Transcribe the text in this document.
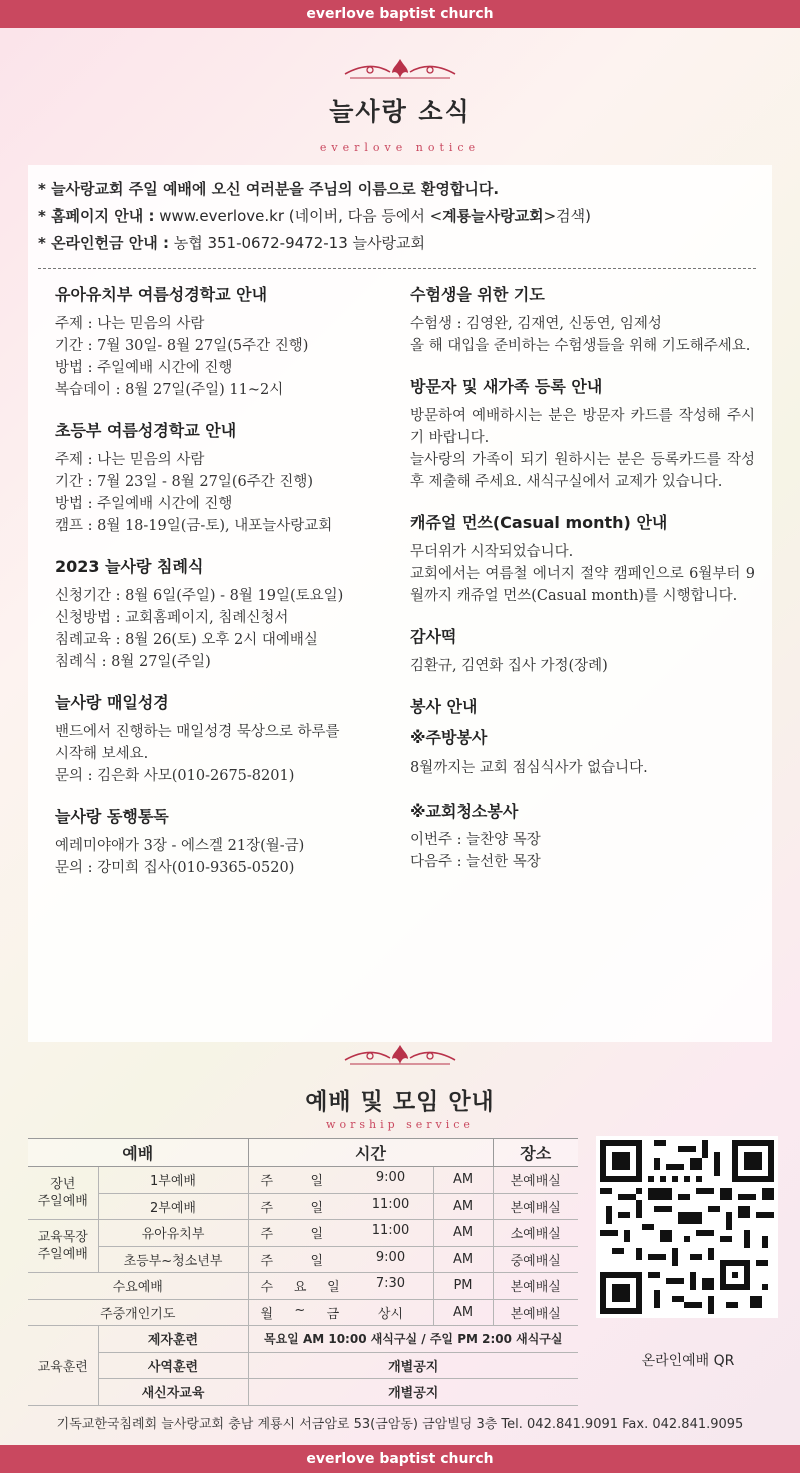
everlove baptist church
늘사랑 소식
everlove notice
* 늘사랑교회 주일 예배에 오신 여러분을 주님의 이름으로 환영합니다.
* 홈페이지 안내 : www.everlove.kr (네이버, 다음 등에서 <계룡늘사랑교회>검색)
* 온라인헌금 안내 : 농협 351-0672-9472-13 늘사랑교회
유아유치부 여름성경학교 안내

주제 : 나는 믿음의 사람

기간 : 7월 30일- 8월 27일(5주간 진행)

방법 : 주일예배 시간에 진행

복습데이 : 8월 27일(주일) 11~2시

초등부 여름성경학교 안내

주제 : 나는 믿음의 사람

기간 : 7월 23일 - 8월 27일(6주간 진행)

방법 : 주일예배 시간에 진행

캠프 : 8월 18-19일(금-토), 내포늘사랑교회

2023 늘사랑 침례식

신청기간 : 8월 6일(주일) - 8월 19일(토요일)

신청방법 : 교회홈페이지, 침례신청서

침례교육 : 8월 26(토) 오후 2시 대예배실

침례식 : 8월 27일(주일)

늘사랑 매일성경

밴드에서 진행하는 매일성경 묵상으로 하루를

시작해 보세요.

문의 : 김은화 사모(010-2675-8201)

늘사랑 동행통독

예레미야애가 3장 - 에스겔 21장(월-금)

문의 : 강미희 집사(010-9365-0520)

수험생을 위한 기도

수험생 : 김영완, 김재연, 신동연, 임제성

올 해 대입을 준비하는 수험생들을 위해 기도해주세요.

방문자 및 새가족 등록 안내

방문하여 예배하시는 분은 방문자 카드를 작성해 주시기 바랍니다.

늘사랑의 가족이 되기 원하시는 분은 등록카드를 작성 후 제출해 주세요. 새식구실에서 교제가 있습니다.

캐쥬얼 먼쓰(Casual month) 안내

무더위가 시작되었습니다.

교회에서는 여름철 에너지 절약 캠페인으로 6월부터 9월까지 캐쥬얼 먼쓰(Casual month)를 시행합니다.

감사떡

김환규, 김연화 집사 가정(장례)

봉사 안내
※주방봉사

8월까지는 교회 점심식사가 없습니다.

※교회청소봉사

이번주 : 늘찬양 목장

다음주 : 늘선한 목장

예배 및 모임 안내
worship service
예배		시간		장소
장년
주일예배	1부예배	주 일 9:00	AM	본예배실
	2부예배	주 일 11:00	AM	본예배실
교육목장
주일예배	유아유치부	주 일 11:00	AM	소예배실
	초등부~청소년부	주 일 9:00	AM	중예배실
수요예배		수 요 일 7:30	PM	본예배실
주중개인기도		월 ~ 금 상시	AM	본예배실
교육훈련	제자훈련	목요일 AM 10:00 새식구실 / 주일 PM 2:00 새식구실		
	사역훈련	개별공지		
	새신자교육	개별공지		
온라인예배 QR
기독교한국침례회 늘사랑교회 충남 계룡시 서금암로 53(금암동) 금암빌딩 3층 Tel. 042.841.9091 Fax. 042.841.9095
everlove baptist church
